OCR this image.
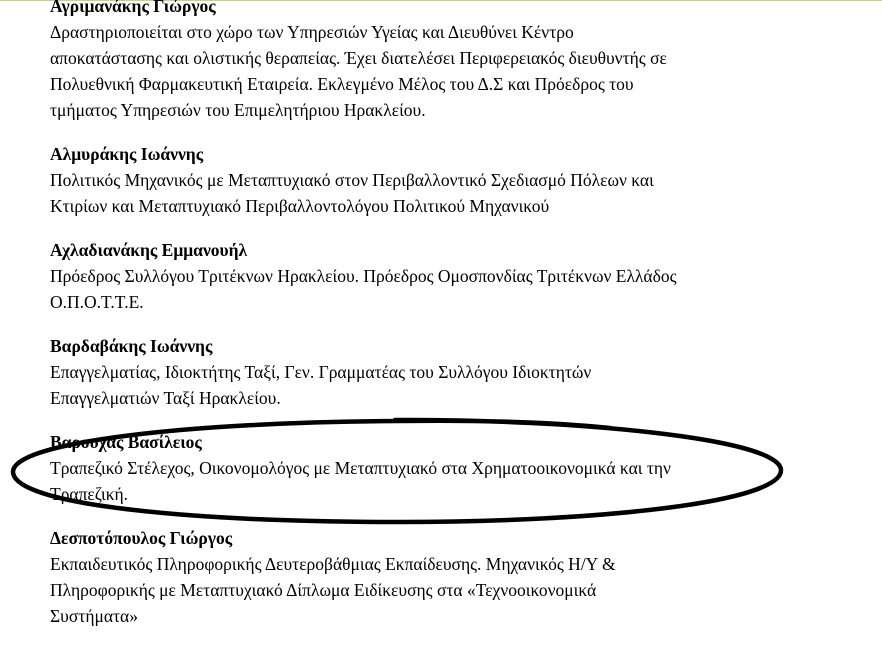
Αγριμανάκης Γιώργος

Δραστηριοποιείται στο χώρο των Υπηρεσιών Υγείας και Διευθύνει Κέντρο
αποκατάστασης και ολιστικής θεραπείας. Έχει διατελέσει Περιφερειακός διευθυντής σε
Πολυεθνική Φαρμακευτική Εταιρεία. Εκλεγμένο Μέλος του Δ.Σ και Πρόεδρος του
τμήματος Υπηρεσιών του Επιμελητήριου Ηρακλείου.

Αλμυράκης Ιωάννης

Πολιτικός Μηχανικός με Μεταπτυχιακό στον Περιβαλλοντικό Σχεδιασμό Πόλεων και
Κτιρίων και Μεταπτυχιακό Περιβαλλοντολόγου Πολιτικού Μηχανικού

Αχλαδιανάκης Εμμανουήλ

Πρόεδρος Συλλόγου Τριτέκνων Ηρακλείου. Πρόεδρος Ομοσπονδίας Τριτέκνων Ελλάδος
Ο.Π.Ο.Τ.Τ.Ε.

Βαρδαβάκης Ιωάννης

Επαγγελματίας, Ιδιοκτήτης Ταξί, Γεν. Γραμματέας του Συλλόγου Ιδιοκτητών
Επαγγελματιών Ταξί Ηρακλείου.

Βαρουχας Βασίλειος

Τραπεζικό Στέλεχος, Οικονομολόγος με Μεταπτυχιακό στα Χρηματοοικονομικά και την
Τραπεζική.

Δεσποτόπουλος Γιώργος

Εκπαιδευτικός Πληροφορικής Δευτεροβάθμιας Εκπαίδευσης. Μηχανικός Η/Υ &
Πληροφορικής με Μεταπτυχιακό Δίπλωμα Ειδίκευσης στα «Τεχνοοικονομικά
Συστήματα»
